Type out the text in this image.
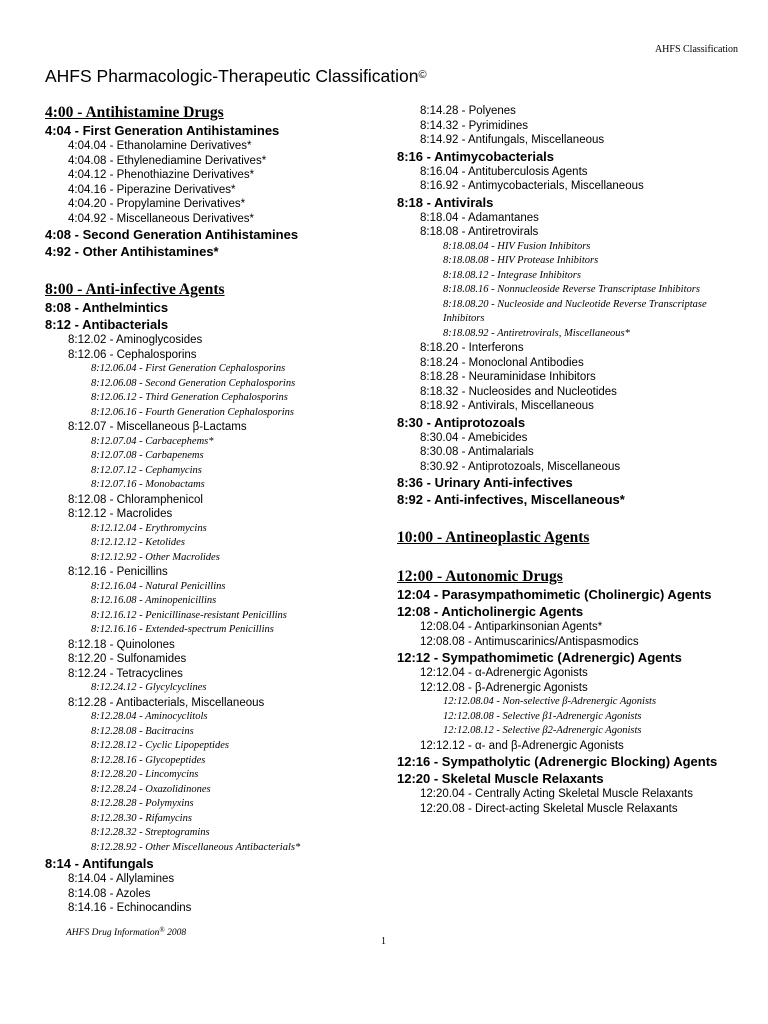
AHFS Classification
AHFS Pharmacologic-Therapeutic Classification©
4:00 - Antihistamine Drugs
4:04 - First Generation Antihistamines
4:04.04 - Ethanolamine Derivatives*
4:04.08 - Ethylenediamine Derivatives*
4:04.12 - Phenothiazine Derivatives*
4:04.16 - Piperazine Derivatives*
4:04.20 - Propylamine Derivatives*
4:04.92 - Miscellaneous Derivatives*
4:08 - Second Generation Antihistamines
4:92 - Other Antihistamines*
8:00 - Anti-infective Agents
8:08 - Anthelmintics
8:12 - Antibacterials
8:12.02 - Aminoglycosides
8:12.06 - Cephalosporins
8:12.06.04 - First Generation Cephalosporins
8:12.06.08 - Second Generation Cephalosporins
8:12.06.12 - Third Generation Cephalosporins
8:12.06.16 - Fourth Generation Cephalosporins
8:12.07 - Miscellaneous β-Lactams
8:12.07.04 - Carbacephems*
8:12.07.08 - Carbapenems
8:12.07.12 - Cephamycins
8:12.07.16 - Monobactams
8:12.08 - Chloramphenicol
8:12.12 - Macrolides
8:12.12.04 - Erythromycins
8:12.12.12 - Ketolides
8:12.12.92 - Other Macrolides
8:12.16 - Penicillins
8:12.16.04 - Natural Penicillins
8:12.16.08 - Aminopenicillins
8:12.16.12 - Penicillinase-resistant Penicillins
8:12.16.16 - Extended-spectrum Penicillins
8:12.18 - Quinolones
8:12.20 - Sulfonamides
8:12.24 - Tetracyclines
8:12.24.12 - Glycylcyclines
8:12.28 - Antibacterials, Miscellaneous
8:12.28.04 - Aminocyclitols
8:12.28.08 - Bacitracins
8:12.28.12 - Cyclic Lipopeptides
8:12.28.16 - Glycopeptides
8:12.28.20 - Lincomycins
8:12.28.24 - Oxazolidinones
8:12.28.28 - Polymyxins
8:12.28.30 - Rifamycins
8:12.28.32 - Streptogramins
8:12.28.92 - Other Miscellaneous Antibacterials*
8:14 - Antifungals
8:14.04 - Allylamines
8:14.08 - Azoles
8:14.16 - Echinocandins
8:14.28 - Polyenes
8:14.32 - Pyrimidines
8:14.92 - Antifungals, Miscellaneous
8:16 - Antimycobacterials
8:16.04 - Antituberculosis Agents
8:16.92 - Antimycobacterials, Miscellaneous
8:18 - Antivirals
8:18.04 - Adamantanes
8:18.08 - Antiretrovirals
8:18.08.04 - HIV Fusion Inhibitors
8:18.08.08 - HIV Protease Inhibitors
8:18.08.12 - Integrase Inhibitors
8:18.08.16 - Nonnucleoside Reverse Transcriptase Inhibitors
8:18.08.20 - Nucleoside and Nucleotide Reverse Transcriptase Inhibitors
8:18.08.92 - Antiretrovirals, Miscellaneous*
8:18.20 - Interferons
8:18.24 - Monoclonal Antibodies
8:18.28 - Neuraminidase Inhibitors
8:18.32 - Nucleosides and Nucleotides
8:18.92 - Antivirals, Miscellaneous
8:30 - Antiprotozoals
8:30.04 - Amebicides
8:30.08 - Antimalarials
8:30.92 - Antiprotozoals, Miscellaneous
8:36 - Urinary Anti-infectives
8:92 - Anti-infectives, Miscellaneous*
10:00 - Antineoplastic Agents
12:00 - Autonomic Drugs
12:04 - Parasympathomimetic (Cholinergic) Agents
12:08 - Anticholinergic Agents
12:08.04 - Antiparkinsonian Agents*
12:08.08 - Antimuscarinics/Antispasmodics
12:12 - Sympathomimetic (Adrenergic) Agents
12:12.04 - α-Adrenergic Agonists
12:12.08 - β-Adrenergic Agonists
12:12.08.04 - Non-selective β-Adrenergic Agonists
12:12.08.08 - Selective β1-Adrenergic Agonists
12:12.08.12 - Selective β2-Adrenergic Agonists
12:12.12 - α- and β-Adrenergic Agonists
12:16 - Sympatholytic (Adrenergic Blocking) Agents
12:20 - Skeletal Muscle Relaxants
12:20.04 - Centrally Acting Skeletal Muscle Relaxants
12:20.08 - Direct-acting Skeletal Muscle Relaxants
AHFS Drug Information® 2008
1
